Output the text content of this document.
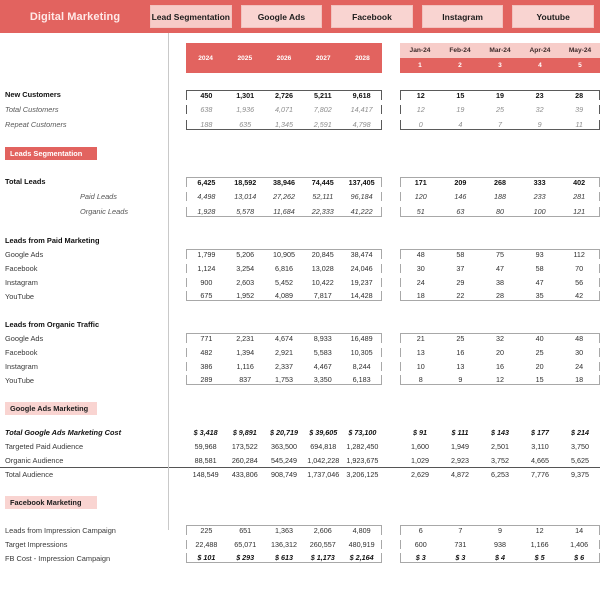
Digital Marketing	Lead Segmentation	Google Ads	Facebook	Instagram	Youtube
2024	2025	2026	2027	2028
Jan-24	Feb-24	Mar-24	Apr-24	May-24
1	2	3	4	5
New Customers	450	1,301	2,726	5,211	9,618	12	15	19	23	28
Total Customers	638	1,936	4,071	7,802	14,417	12	19	25	32	39
Repeat Customers	188	635	1,345	2,591	4,798	0	4	7	9	11
Leads Segmentation
Total Leads	6,425	18,592	38,946	74,445	137,405	171	209	268	333	402
Paid Leads	4,498	13,014	27,262	52,111	96,184	120	146	188	233	281
Organic Leads	1,928	5,578	11,684	22,333	41,222	51	63	80	100	121
Leads from Paid Marketing
Google Ads	1,799	5,206	10,905	20,845	38,474	48	58	75	93	112
Facebook	1,124	3,254	6,816	13,028	24,046	30	37	47	58	70
Instagram	900	2,603	5,452	10,422	19,237	24	29	38	47	56
YouTube	675	1,952	4,089	7,817	14,428	18	22	28	35	42
Leads from Organic Traffic
Google Ads	771	2,231	4,674	8,933	16,489	21	25	32	40	48
Facebook	482	1,394	2,921	5,583	10,305	13	16	20	25	30
Instagram	386	1,116	2,337	4,467	8,244	10	13	16	20	24
YouTube	289	837	1,753	3,350	6,183	8	9	12	15	18
Google Ads Marketing
Total Google Ads Marketing Cost	$ 3,418	$ 9,891	$ 20,719	$ 39,605	$ 73,100	$ 91	$ 111	$ 143	$ 177	$ 214
Targeted Paid Audience	59,968	173,522	363,500	694,818	1,282,450	1,600	1,949	2,501	3,110	3,750
Organic Audience	88,581	260,284	545,249	1,042,228	1,923,675	1,029	2,923	3,752	4,665	5,625
Total Audience	148,549	433,806	908,749	1,737,046	3,206,125	2,629	4,872	6,253	7,776	9,375
Facebook Marketing
Leads from Impression Campaign	225	651	1,363	2,606	4,809	6	7	9	12	14
Target Impressions	22,488	65,071	136,312	260,557	480,919	600	731	938	1,166	1,406
FB Cost - Impression Campaign	$ 101	$ 293	$ 613	$ 1,173	$ 2,164	$ 3	$ 3	$ 4	$ 5	$ 6
